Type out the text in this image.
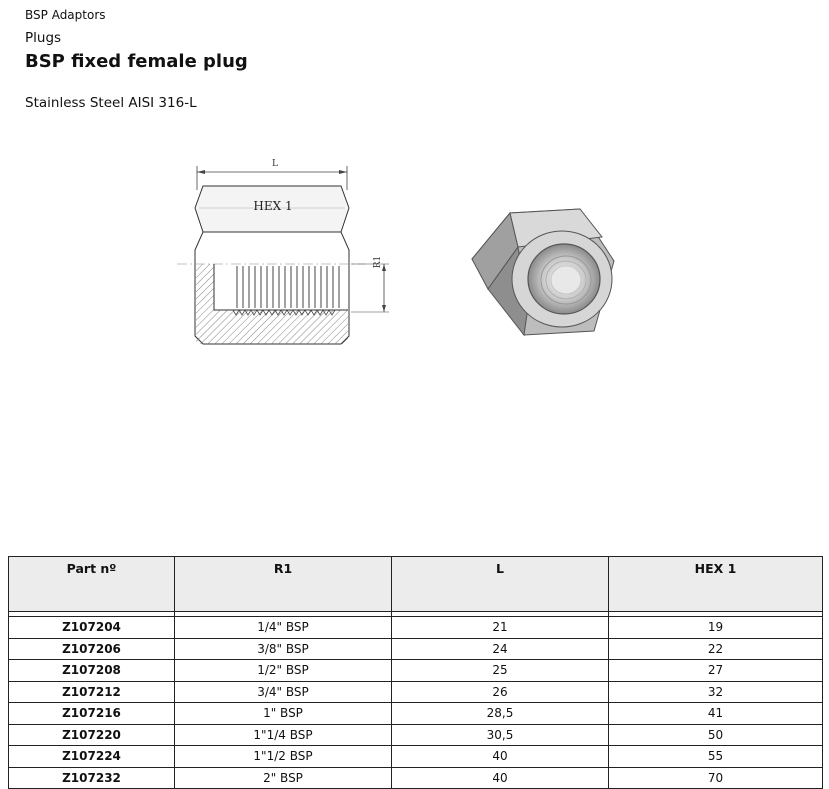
BSP Adaptors
Plugs
BSP fixed female plug
Stainless Steel AISI 316-L
L
HEX 1
R1
Part nº	R1	L	HEX 1

Z107204	1/4" BSP	21	19
Z107206	3/8" BSP	24	22
Z107208	1/2" BSP	25	27
Z107212	3/4" BSP	26	32
Z107216	1" BSP	28,5	41
Z107220	1"1/4 BSP	30,5	50
Z107224	1"1/2 BSP	40	55
Z107232	2" BSP	40	70
